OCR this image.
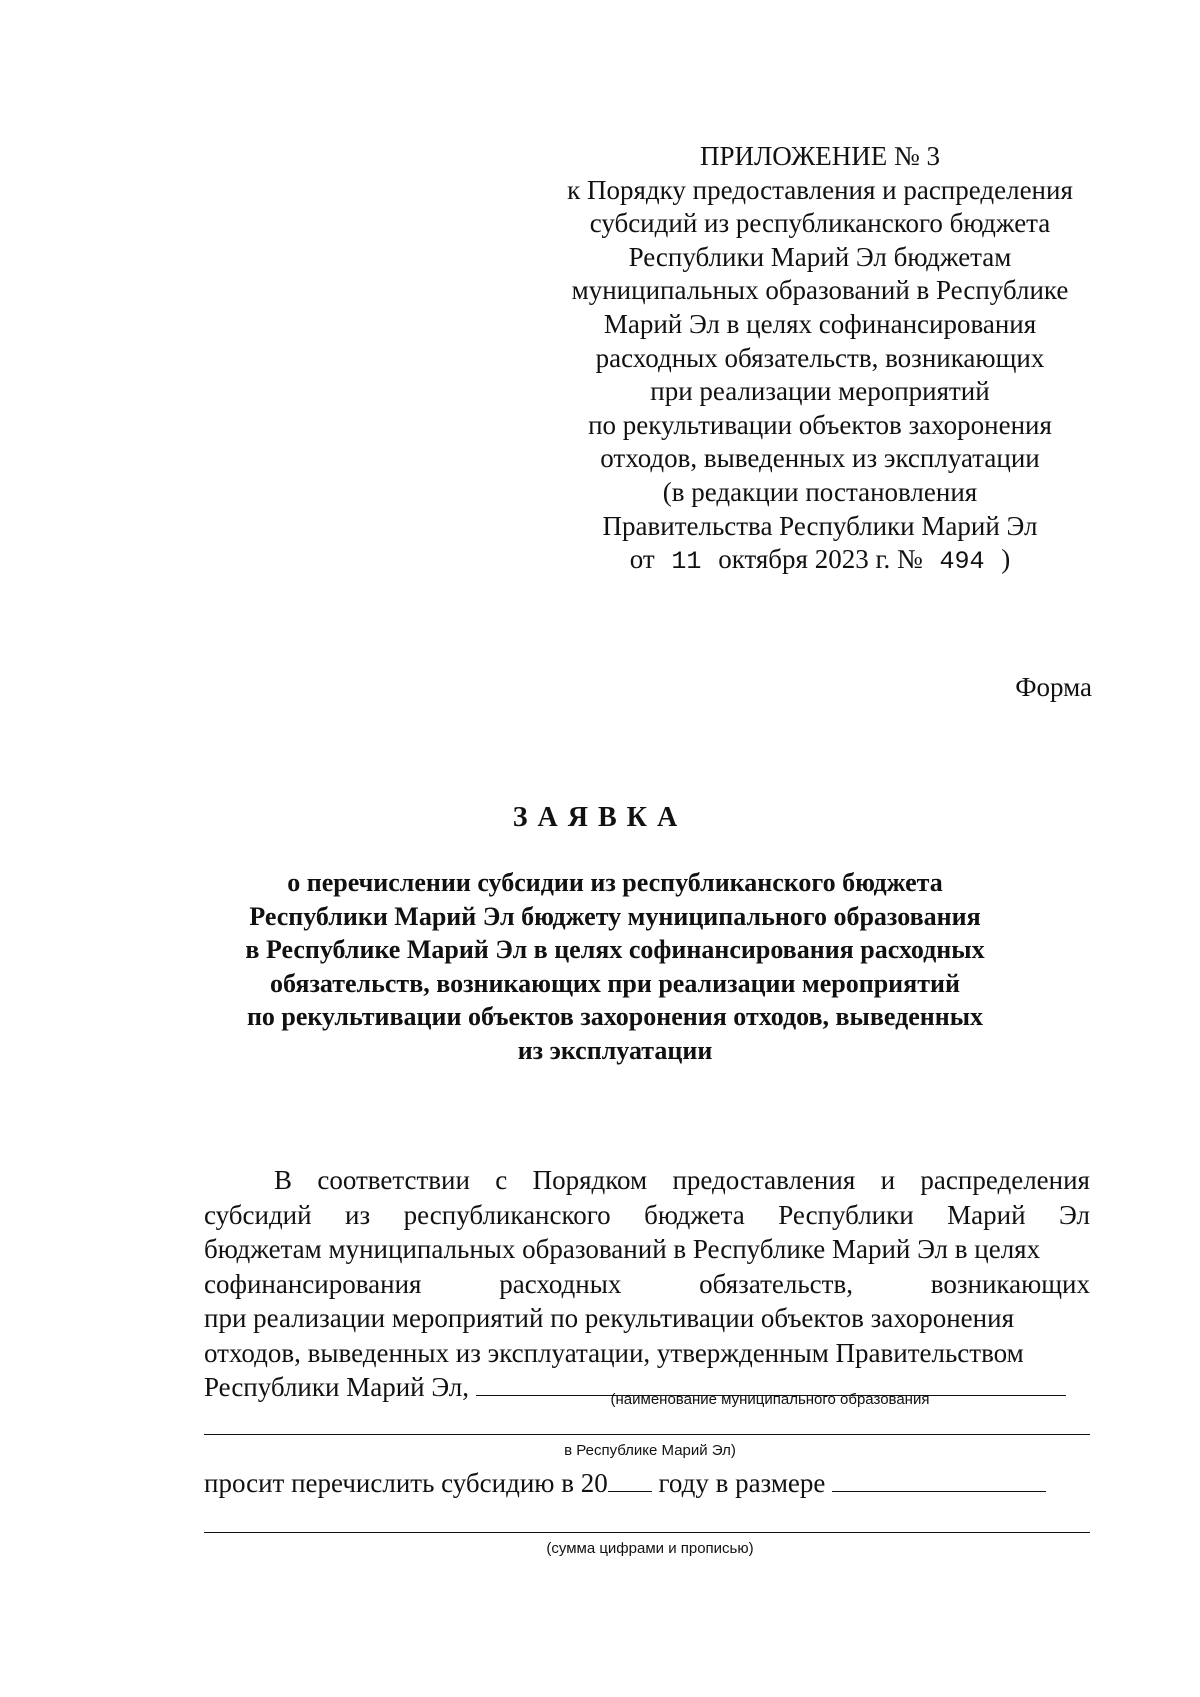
ПРИЛОЖЕНИЕ № 3
к Порядку предоставления и распределения
субсидий из республиканского бюджета
Республики Марий Эл бюджетам
муниципальных образований в Республике
Марий Эл в целях софинансирования
расходных обязательств, возникающих
при реализации мероприятий
по рекультивации объектов захоронения
отходов, выведенных из эксплуатации
(в редакции постановления
Правительства Республики Марий Эл
от 11 октября 2023 г. № 494 )
Форма
ЗАЯВКА
о перечислении субсидии из республиканского бюджета
Республики Марий Эл бюджету муниципального образования
в Республике Марий Эл в целях софинансирования расходных
обязательств, возникающих при реализации мероприятий
по рекультивации объектов захоронения отходов, выведенных
из эксплуатации
В соответствии с Порядком предоставления и распределения
субсидий из республиканского бюджета Республики Марий Эл
бюджетам муниципальных образований в Республике Марий Эл в целях
софинансирования	расходных	обязательств,	возникающих
при реализации мероприятий по рекультивации объектов захоронения
отходов, выведенных из эксплуатации, утвержденным Правительством
Республики Марий Эл,	(наименование муниципального образования
в Республике Марий Эл)
просит перечислить субсидию в 20 году в размере
(сумма цифрами и прописью)
